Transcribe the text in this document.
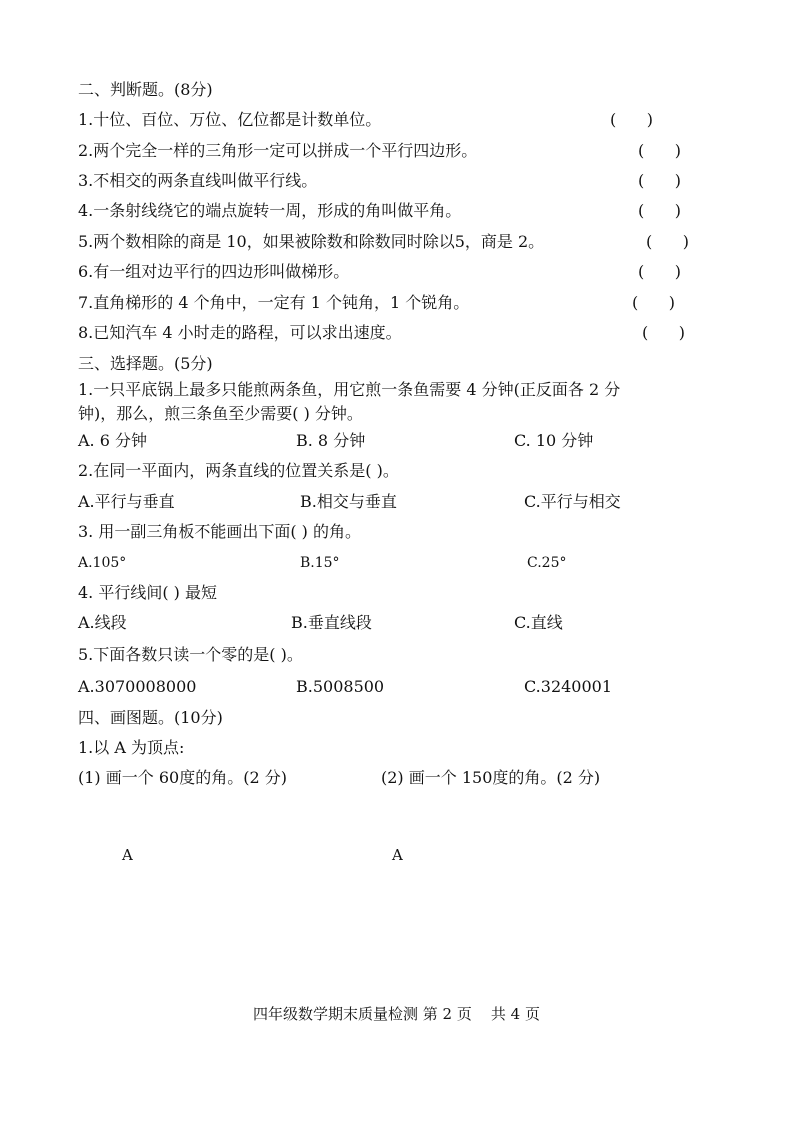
二、判断题。(8分)
1.十位、百位、万位、亿位都是计数单位。	(      )
2.两个完全一样的三角形一定可以拼成一个平行四边形。	(      )
3.不相交的两条直线叫做平行线。	(      )
4.一条射线绕它的端点旋转一周，形成的角叫做平角。	(      )
5.两个数相除的商是 10，如果被除数和除数同时除以5，商是 2。	(      )
6.有一组对边平行的四边形叫做梯形。	(      )
7.直角梯形的 4 个角中，一定有 1 个钝角，1 个锐角。	(      )
8.已知汽车 4 小时走的路程，可以求出速度。	(      )
三、选择题。(5分)
1.一只平底锅上最多只能煎两条鱼，用它煎一条鱼需要 4 分钟(正反面各 2 分
钟)，那么，煎三条鱼至少需要( ) 分钟。
A. 6 分钟	B. 8 分钟	C. 10 分钟
2.在同一平面内，两条直线的位置关系是( )。
A.平行与垂直	B.相交与垂直	C.平行与相交
3. 用一副三角板不能画出下面( ) 的角。
A.105°	B.15°	C.25°
4. 平行线间( ) 最短
A.线段	B.垂直线段	C.直线
5.下面各数只读一个零的是( )。
A.3070008000	B.5008500	C.3240001
四、画图题。(10分)
1.以 A 为顶点:
(1) 画一个 60度的角。(2 分)	(2) 画一个 150度的角。(2 分)
A	A
四年级数学期末质量检测 第 2 页    共 4 页
